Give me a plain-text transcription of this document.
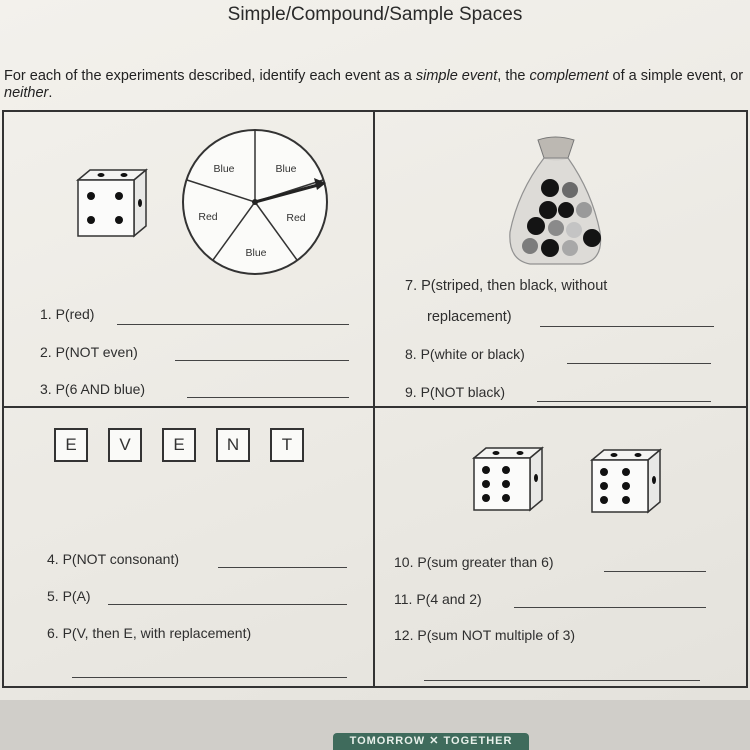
Simple/Compound/Sample Spaces
For each of the experiments described, identify each event as a simple event, the complement of a simple event, or neither.
Blue	Blue
Red
Blue
Red
1. P(red)
2. P(NOT even)
3. P(6 AND blue)
7. P(striped, then black, without
replacement)
8. P(white or black)
9. P(NOT black)
E	V	E	N	T
4. P(NOT consonant)
5. P(A)
6. P(V, then E, with replacement)
10. P(sum greater than 6)
11. P(4 and 2)
12. P(sum NOT multiple of 3)
TOMORROW ✕ TOGETHER
